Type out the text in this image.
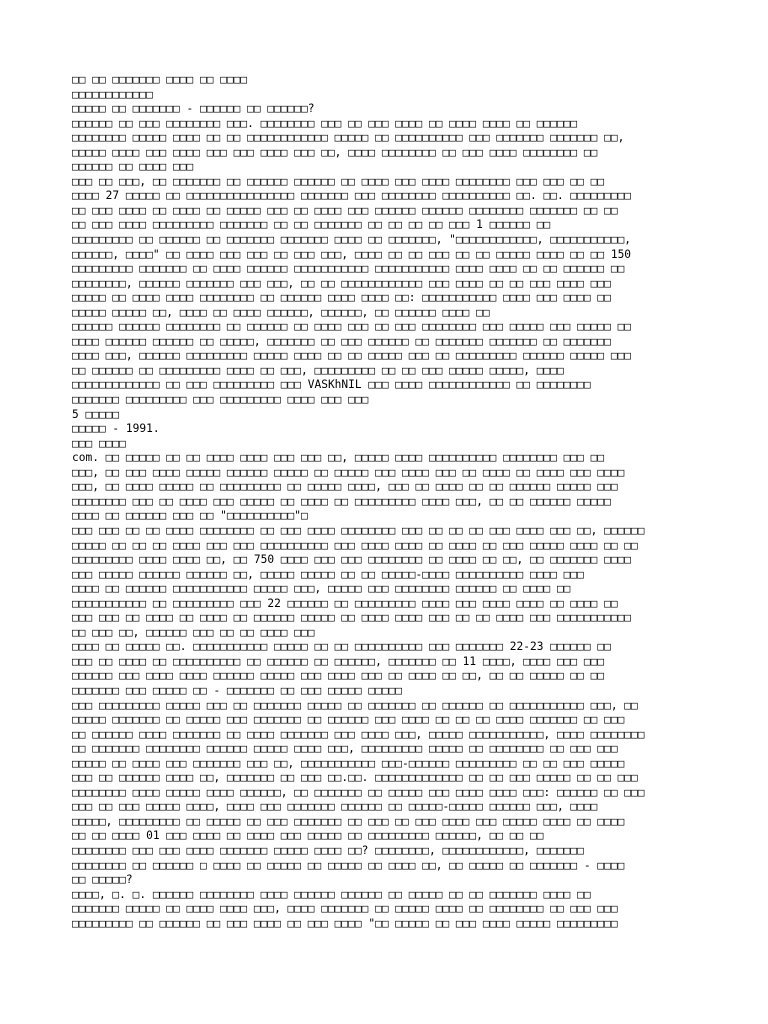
□□ □□ □□□□□□□ □□□□ □□ □□□□
□□□□□□□□□□□□
□□□□□ □□ □□□□□□□ - □□□□□□ □□ □□□□□□?
□□□□□□ □□ □□□ □□□□□□□□ □□□. □□□□□□□□ □□□ □□ □□□ □□□□ □□ □□□□ □□□□ □□ □□□□□□
□□□□□□□□ □□□□□ □□□□ □□ □□ □□□□□□□□□□□□ □□□□□ □□ □□□□□□□□□□ □□□ □□□□□□□ □□□□□□□ □□,
□□□□□ □□□□ □□□ □□□□ □□□ □□□ □□□□ □□□ □□, □□□□ □□□□□□□□ □□ □□□ □□□□ □□□□□□□□ □□
□□□□□□ □□ □□□□ □□□
□□□ □□ □□□, □□ □□□□□□□ □□ □□□□□□ □□□□□□ □□ □□□□ □□□ □□□□ □□□□□□□□ □□□ □□□ □□ □□
□□□□ 27 □□□□□ □□ □□□□□□□□□□□□□□□□ □□□□□□□ □□□ □□□□□□□□ □□□□□□□□□□ □□. □□. □□□□□□□□□
□□ □□□ □□□□ □□ □□□□ □□ □□□□□ □□□ □□ □□□□ □□□ □□□□□□ □□□□□□ □□□□□□□□ □□□□□□□ □□ □□
□□ □□□ □□□□ □□□□□□□□□ □□□□□□□ □□ □□ □□□□□□□ □□ □□ □□ □□ □□□ 1 □□□□□□ □□
□□□□□□□□□ □□ □□□□□□ □□ □□□□□□□ □□□□□□□ □□□□ □□ □□□□□□□, "□□□□□□□□□□□□, □□□□□□□□□□□,
□□□□□□, □□□□" □□ □□□□ □□□ □□□ □□ □□□ □□□, □□□□ □□ □□ □□□ □□ □□ □□□□□ □□□□ □□ □□ 150
□□□□□□□□□ □□□□□□□ □□ □□□□ □□□□□□ □□□□□□□□□□□ □□□□□□□□□□□ □□□□ □□□□ □□ □□ □□□□□□ □□
□□□□□□□□, □□□□□□ □□□□□□□ □□□ □□□, □□ □□ □□□□□□□□□□□□ □□□ □□□□ □□ □□ □□□ □□□□ □□□
□□□□□ □□ □□□□ □□□□ □□□□□□□□ □□ □□□□□□ □□□□ □□□□ □□: □□□□□□□□□□□ □□□□ □□□ □□□□ □□
□□□□□ □□□□□ □□, □□□□ □□ □□□□ □□□□□□, □□□□□□, □□ □□□□□□ □□□□ □□
□□□□□□ □□□□□□ □□□□□□□□ □□ □□□□□□ □□ □□□□ □□□ □□ □□□ □□□□□□□□ □□□ □□□□□ □□□ □□□□□ □□
□□□□ □□□□□□ □□□□□□ □□ □□□□□, □□□□□□□ □□ □□□ □□□□□□ □□ □□□□□□□ □□□□□□□ □□ □□□□□□□
□□□□ □□□, □□□□□□ □□□□□□□□□ □□□□□ □□□□ □□ □□ □□□□□ □□□ □□ □□□□□□□□□ □□□□□□ □□□□□ □□□
□□ □□□□□□ □□ □□□□□□□□□ □□□□ □□ □□□, □□□□□□□□□ □□ □□ □□□ □□□□□ □□□□□, □□□□
□□□□□□□□□□□□□ □□ □□□ □□□□□□□□□ □□□ VASKhNIL □□□ □□□□ □□□□□□□□□□□□ □□ □□□□□□□□
□□□□□□□ □□□□□□□□□ □□□ □□□□□□□□□ □□□□ □□□ □□□
5 □□□□□
□□□□□ - 1991.
□□□ □□□□
com. □□ □□□□□ □□ □□ □□□□ □□□□ □□□ □□□ □□, □□□□□ □□□□ □□□□□□□□□□ □□□□□□□□ □□□ □□
□□□, □□ □□□ □□□□ □□□□□ □□□□□□ □□□□□ □□ □□□□□ □□□ □□□□ □□□ □□ □□□□ □□ □□□□ □□□ □□□□
□□□, □□ □□□□ □□□□□ □□ □□□□□□□□□ □□ □□□□□ □□□□, □□□ □□ □□□□ □□ □□ □□□□□□ □□□□□ □□□
□□□□□□□□ □□□ □□ □□□□ □□□ □□□□□ □□ □□□□ □□ □□□□□□□□□ □□□□ □□□, □□ □□ □□□□□□ □□□□□
□□□□ □□ □□□□□□ □□□ □□ "□□□□□□□□□□"□
□□□ □□□ □□ □□ □□□□ □□□□□□□□ □□ □□□ □□□□ □□□□□□□□ □□□ □□ □□ □□ □□□ □□□□ □□□ □□, □□□□□□
□□□□□ □□ □□ □□ □□□□ □□□ □□□ □□□□□□□□□□ □□□ □□□□ □□□□ □□ □□□□ □□ □□□ □□□□□ □□□□ □□ □□
□□□□□□□□□ □□□□ □□□□ □□, □□ 750 □□□□ □□□ □□□ □□□□□□□□ □□ □□□□ □□ □□, □□ □□□□□□□ □□□□
□□□ □□□□□ □□□□□□ □□□□□□ □□, □□□□□ □□□□□ □□ □□ □□□□□-□□□□ □□□□□□□□□□ □□□□ □□□
□□□□ □□ □□□□□□ □□□□□□□□□□□ □□□□□ □□□, □□□□□ □□□ □□□□□□□□ □□□□□□ □□ □□□□ □□
□□□□□□□□□□□ □□ □□□□□□□□□ □□□ 22 □□□□□□ □□ □□□□□□□□□ □□□□ □□□ □□□□ □□□□ □□ □□□□ □□
□□□ □□□ □□ □□□□ □□ □□□□ □□ □□□□□□ □□□□□ □□ □□□□ □□□□ □□□ □□ □□ □□□□ □□□ □□□□□□□□□□□
□□ □□□ □□, □□□□□□ □□□ □□ □□ □□□□ □□□
□□□□ □□ □□□□□ □□. □□□□□□□□□□□ □□□□□ □□ □□ □□□□□□□□□□ □□□ □□□□□□□ 22-23 □□□□□□ □□
□□□ □□ □□□□ □□ □□□□□□□□□□ □□ □□□□□□ □□ □□□□□□, □□□□□□□ □□ 11 □□□□, □□□□ □□□ □□□
□□□□□□ □□□ □□□□ □□□□ □□□□□□ □□□□□ □□□ □□□□ □□□ □□ □□□□ □□ □□, □□ □□ □□□□□ □□ □□
□□□□□□□ □□□ □□□□□ □□ - □□□□□□□ □□ □□□ □□□□□ □□□□□
□□□ □□□□□□□□□ □□□□□ □□□ □□ □□□□□□□ □□□□□ □□ □□□□□□□ □□ □□□□□□ □□ □□□□□□□□□□□ □□□, □□
□□□□□ □□□□□□□ □□ □□□□□ □□□ □□□□□□□ □□ □□□□□□ □□□ □□□□ □□ □□ □□ □□□□ □□□□□□□ □□ □□□
□□ □□□□□□ □□□□ □□□□□□□ □□ □□□□ □□□□□□□ □□□ □□□□ □□□, □□□□□ □□□□□□□□□□□, □□□□ □□□□□□□□
□□ □□□□□□□ □□□□□□□□ □□□□□□ □□□□□ □□□□ □□□, □□□□□□□□□ □□□□□ □□ □□□□□□□□ □□ □□□ □□□
□□□□□ □□ □□□□ □□□ □□□□□□□ □□□ □□, □□□□□□□□□□□ □□□-□□□□□□ □□□□□□□□□ □□ □□ □□□ □□□□□
□□□ □□ □□□□□□ □□□□ □□, □□□□□□□ □□ □□□ □□.□□. □□□□□□□□□□□□□ □□ □□ □□□ □□□□□ □□ □□ □□□
□□□□□□□□ □□□□ □□□□□ □□□□ □□□□□□, □□ □□□□□□□ □□ □□□□□ □□□ □□□□ □□□□ □□□: □□□□□□ □□ □□□
□□□ □□ □□□ □□□□□ □□□□, □□□□ □□□ □□□□□□□ □□□□□□ □□ □□□□□-□□□□□ □□□□□□ □□□, □□□□
□□□□□, □□□□□□□□□ □□ □□□□□ □□ □□□ □□□□□□□ □□ □□□ □□ □□□ □□□□ □□□ □□□□□ □□□□ □□ □□□□
□□ □□ □□□□ 01 □□□ □□□□ □□ □□□□ □□□ □□□□□ □□ □□□□□□□□□ □□□□□□, □□ □□ □□
□□□□□□□□ □□□ □□□ □□□□ □□□□□□□ □□□□□ □□□□ □□? □□□□□□□□, □□□□□□□□□□□□, □□□□□□□
□□□□□□□□ □□ □□□□□□ □ □□□□ □□ □□□□□ □□ □□□□□ □□ □□□□ □□, □□ □□□□□ □□ □□□□□□□ - □□□□
□□ □□□□□?
□□□□, □. □. □□□□□□ □□□□□□□□ □□□□ □□□□□□ □□□□□□ □□ □□□□□ □□ □□ □□□□□□□ □□□□ □□
□□□□□□□ □□□□□ □□ □□□□ □□□□ □□□, □□□□ □□□□□□□ □□ □□□□□ □□□□ □□ □□□□□□□□ □□ □□□ □□□
□□□□□□□□□ □□ □□□□□□ □□ □□□ □□□□ □□ □□□ □□□□ "□□ □□□□□ □□ □□□ □□□□ □□□□□ □□□□□□□□□
